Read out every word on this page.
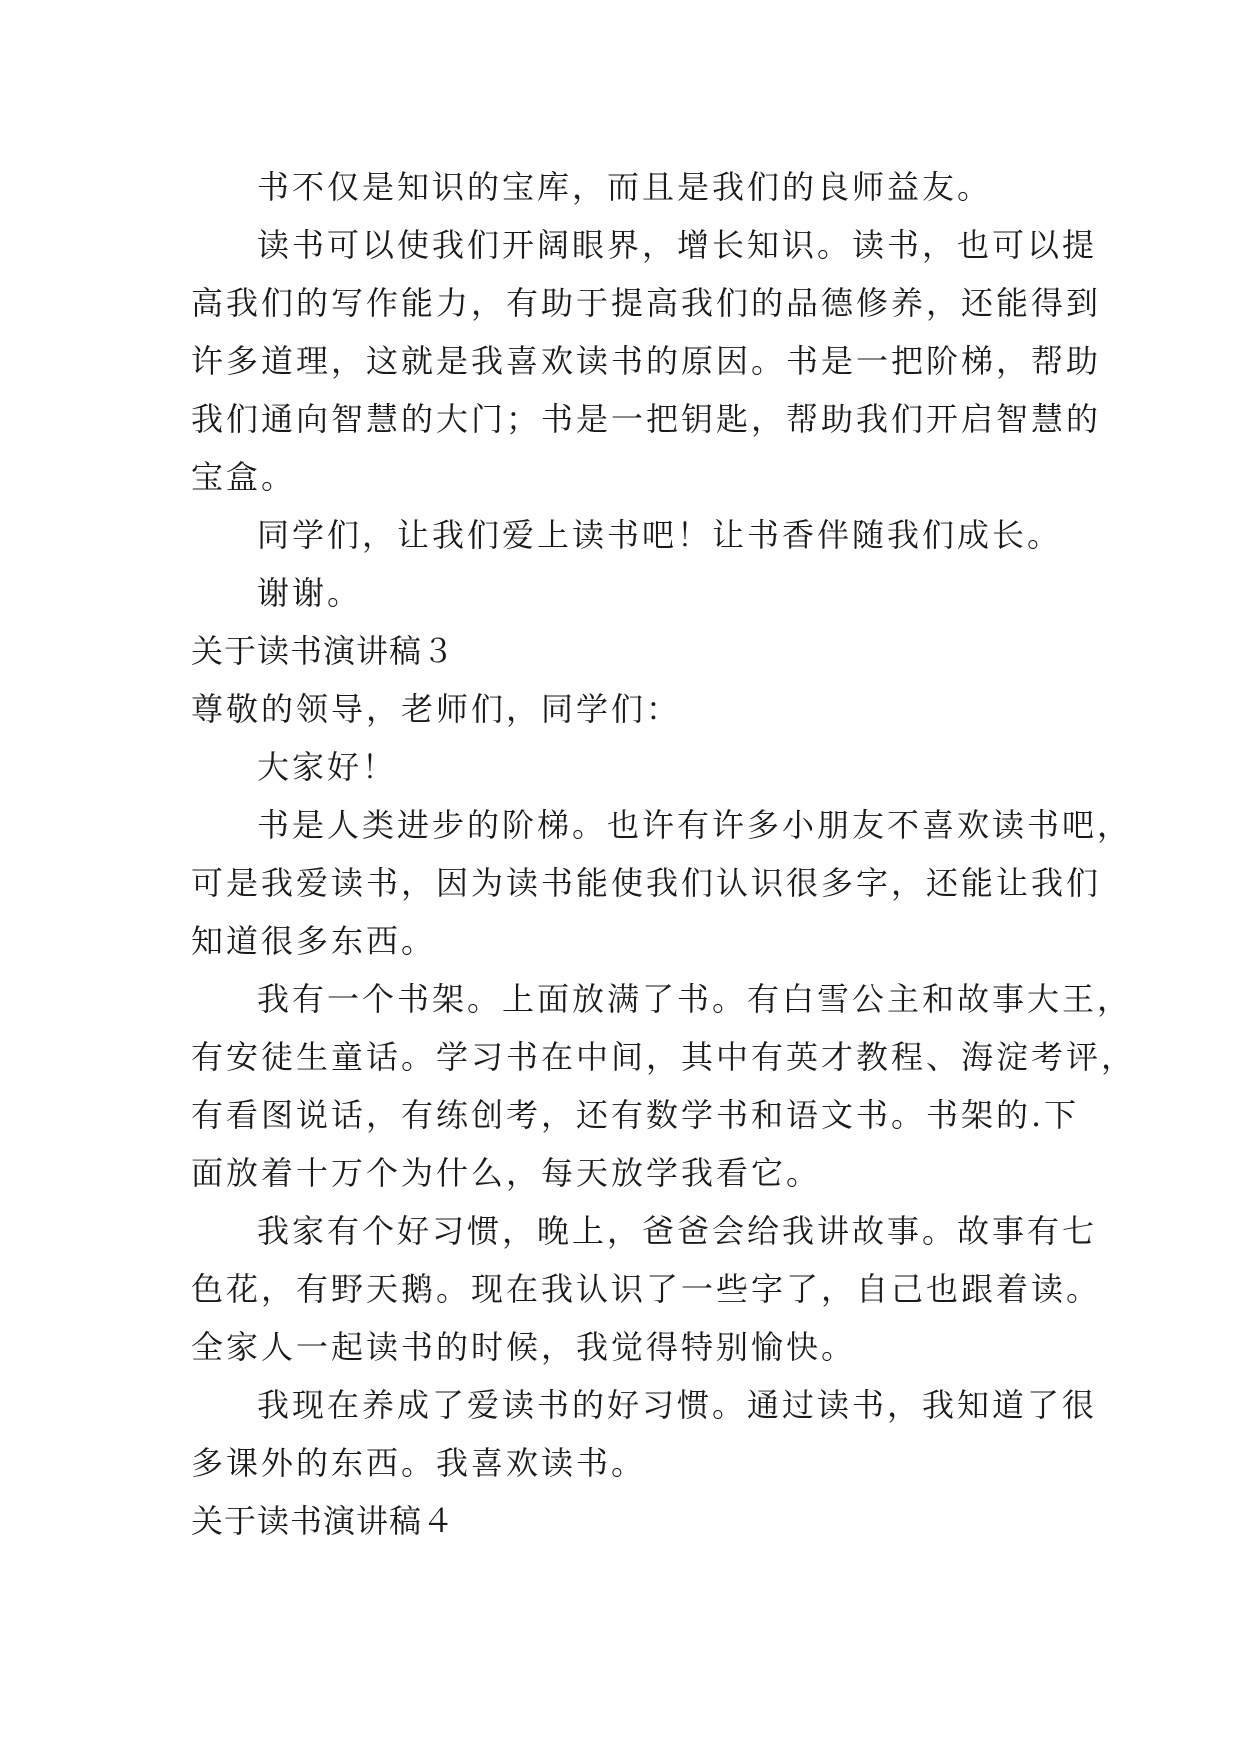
书不仅是知识的宝库，而且是我们的良师益友。
读书可以使我们开阔眼界，增长知识。读书，也可以提
高我们的写作能力，有助于提高我们的品德修养，还能得到
许多道理，这就是我喜欢读书的原因。书是一把阶梯，帮助
我们通向智慧的大门；书是一把钥匙，帮助我们开启智慧的
宝盒。
同学们，让我们爱上读书吧！让书香伴随我们成长。
谢谢。
关于读书演讲稿３
尊敬的领导，老师们，同学们：
大家好！
书是人类进步的阶梯。也许有许多小朋友不喜欢读书吧，
可是我爱读书，因为读书能使我们认识很多字，还能让我们
知道很多东西。
我有一个书架。上面放满了书。有白雪公主和故事大王，
有安徒生童话。学习书在中间，其中有英才教程、海淀考评，
有看图说话，有练创考，还有数学书和语文书。书架的.下
面放着十万个为什么，每天放学我看它。
我家有个好习惯，晚上，爸爸会给我讲故事。故事有七
色花，有野天鹅。现在我认识了一些字了，自己也跟着读。
全家人一起读书的时候，我觉得特别愉快。
我现在养成了爱读书的好习惯。通过读书，我知道了很
多课外的东西。我喜欢读书。
关于读书演讲稿４
